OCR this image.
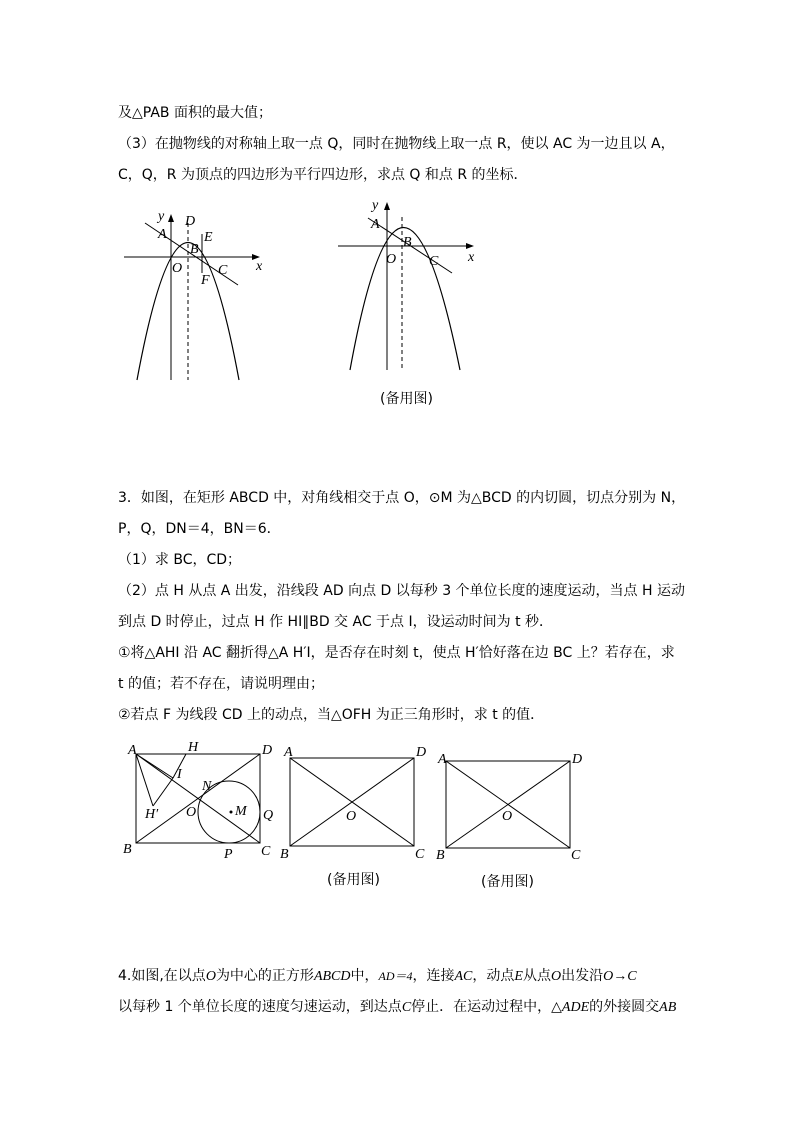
及△PAB 面积的最大值；
（3）在抛物线的对称轴上取一点 Q，同时在抛物线上取一点 R，使以 AC 为一边且以 A，
C，Q，R 为顶点的四边形为平行四边形，求点 Q 和点 R 的坐标．
y D
A	E
B
O	C
F
x
y
A
B
O C x
(备用图)
3．如图，在矩形 ABCD 中，对角线相交于点 O，⊙M 为△BCD 的内切圆，切点分别为 N，
P，Q，DN＝4，BN＝6．
（1）求 BC，CD；
（2）点 H 从点 A 出发，沿线段 AD 向点 D 以每秒 3 个单位长度的速度运动，当点 H 运动
到点 D 时停止，过点 H 作 HI∥BD 交 AC 于点 I，设运动时间为 t 秒．
①将△AHI 沿 AC 翻折得△A H′I，是否存在时刻 t，使点 H′恰好落在边 BC 上？若存在，求
t 的值；若不存在，请说明理由；
②若点 F 为线段 CD 上的动点，当△OFH 为正三角形时，求 t 的值．
A	H	D
I
N
H′ O	M Q
B	P C
A	D
O
B	C
(备用图)
A	D
O
B	C
(备用图)
4.如图,在以点O为中心的正方形ABCD中，AD＝4，连接AC，动点E从点O出发沿O→C
以每秒 1 个单位长度的速度匀速运动，到达点C停止．在运动过程中，△ADE的外接圆交AB
